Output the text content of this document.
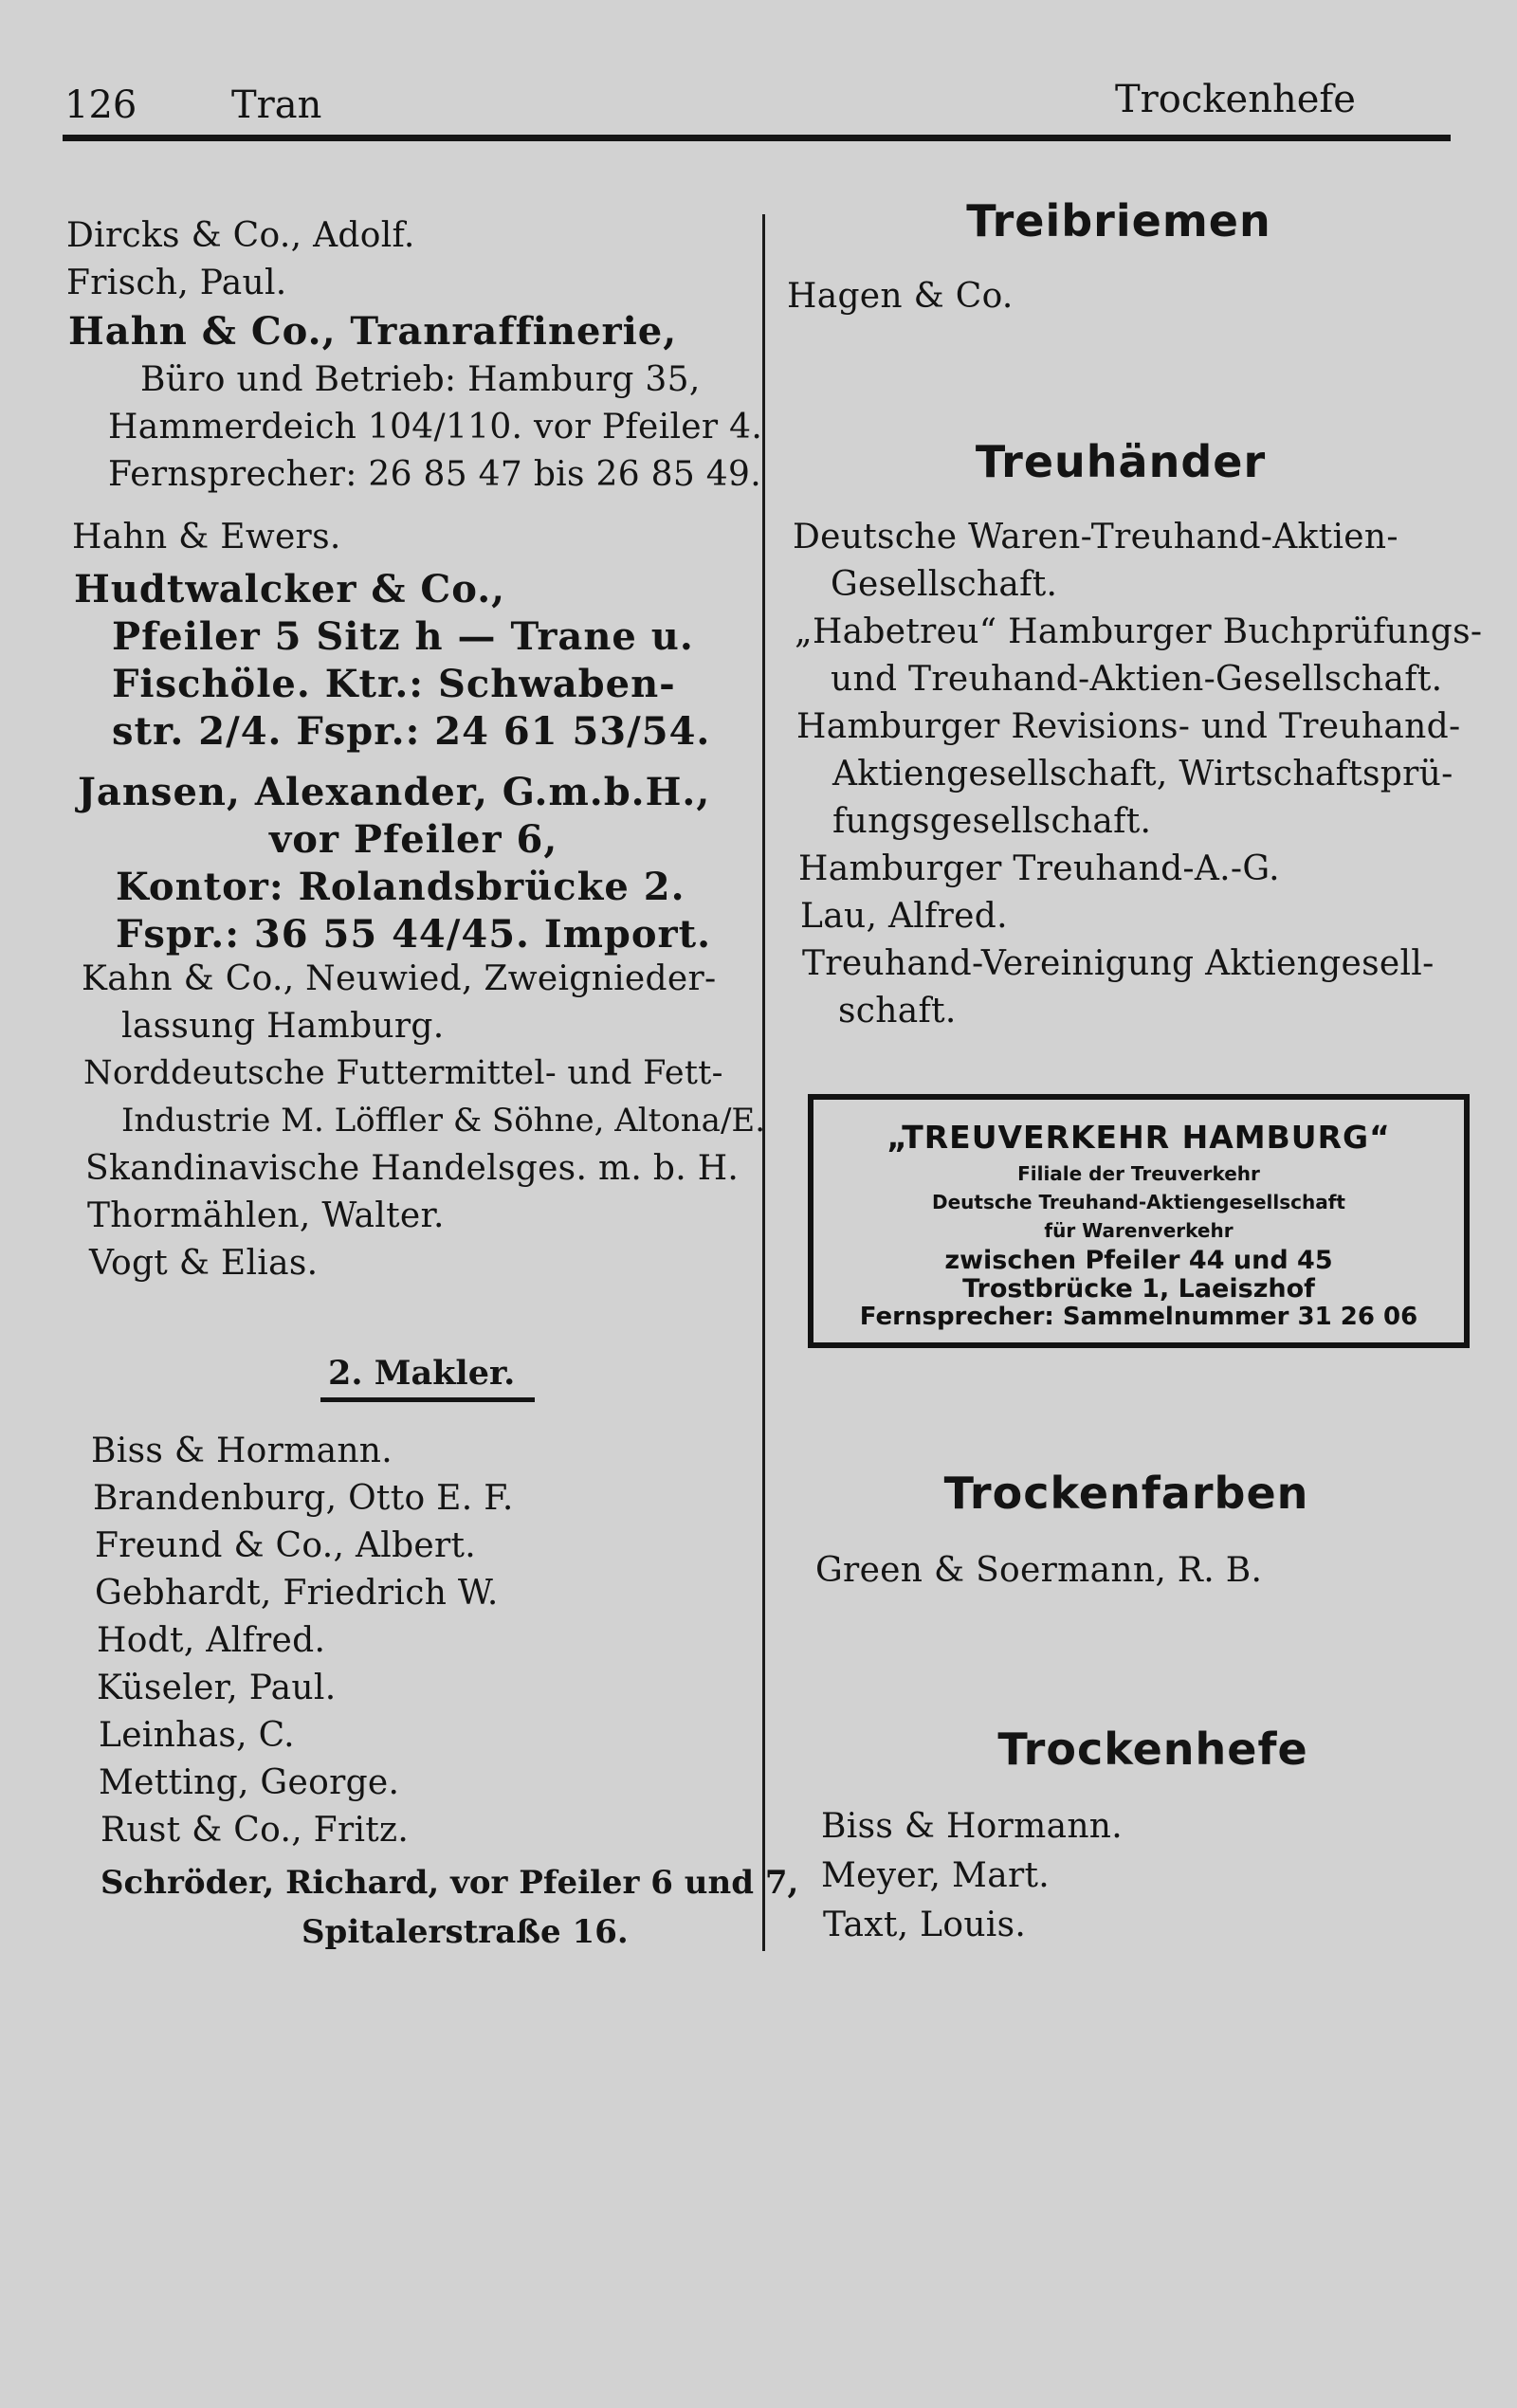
126 Tran	Trockenhefe
Dircks & Co., Adolf.
Frisch, Paul.
Hahn & Co., Tranraffinerie,
Büro und Betrieb: Hamburg 35,
Hammerdeich 104/110. vor Pfeiler 4.
Fernsprecher: 26 85 47 bis 26 85 49.
Hahn & Ewers.
Hudtwalcker & Co.,
Pfeiler 5 Sitz h — Trane u.
Fischöle. Ktr.: Schwaben-
str. 2/4. Fspr.: 24 61 53/54.
Jansen, Alexander, G.m.b.H.,
vor Pfeiler 6,
Kontor: Rolandsbrücke 2.
Fspr.: 36 55 44/45. Import.
Kahn & Co., Neuwied, Zweignieder-
lassung Hamburg.
Norddeutsche Futtermittel- und Fett-
Industrie M. Löffler & Söhne, Altona/E.
Skandinavische Handelsges. m. b. H.
Thormählen, Walter.
Vogt & Elias.
2. Makler.
Biss & Hormann.
Brandenburg, Otto E. F.
Freund & Co., Albert.
Gebhardt, Friedrich W.
Hodt, Alfred.
Küseler, Paul.
Leinhas, C.
Metting, George.
Rust & Co., Fritz.
Schröder, Richard, vor Pfeiler 6 und 7,
Spitalerstraße 16.
Treibriemen
Hagen & Co.
Treuhänder
Deutsche Waren-Treuhand-Aktien-
Gesellschaft.
„Habetreu“ Hamburger Buchprüfungs-
und Treuhand-Aktien-Gesellschaft.
Hamburger Revisions- und Treuhand-
Aktiengesellschaft, Wirtschaftsprü-
fungsgesellschaft.
Hamburger Treuhand-A.-G.
Lau, Alfred.
Treuhand-Vereinigung Aktiengesell-
schaft.
„TREUVERKEHR HAMBURG“
Filiale der Treuverkehr
Deutsche Treuhand-Aktiengesellschaft
für Warenverkehr
zwischen Pfeiler 44 und 45
Trostbrücke 1, Laeiszhof
Fernsprecher: Sammelnummer 31 26 06
Trockenfarben
Green & Soermann, R. B.
Trockenhefe
Biss & Hormann.
Meyer, Mart.
Taxt, Louis.
